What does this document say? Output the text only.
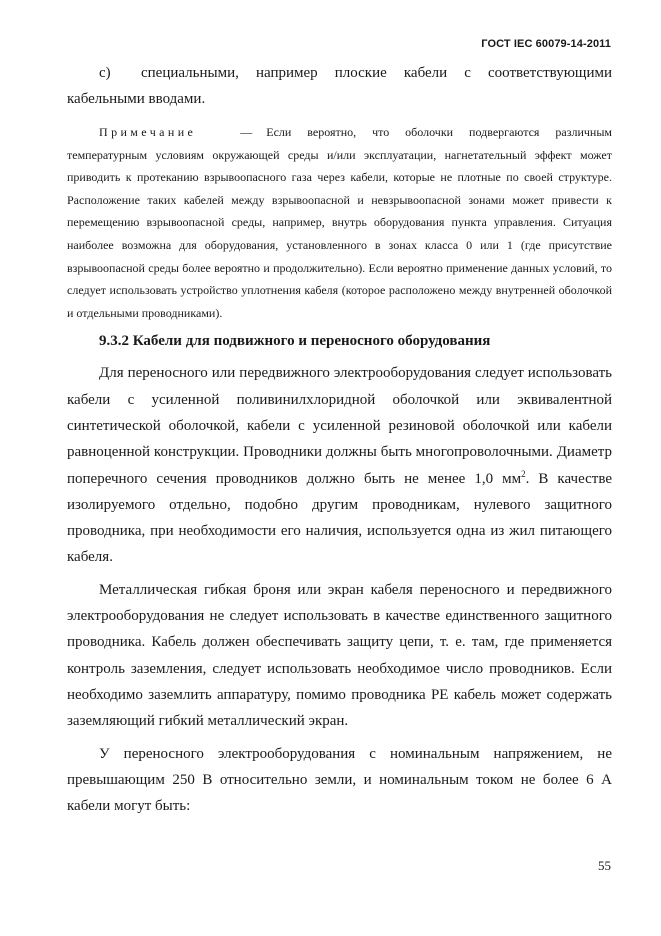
ГОСТ IEC 60079-14-2011

c) специальными, например плоские кабели с соответствующими кабельными вводами.

Примечание	— Если вероятно, что оболочки подвергаются различным температурным условиям окружающей среды и/или эксплуатации, нагнетательный эффект может приводить к протеканию взрывоопасного газа через кабели, которые не плотные по своей структуре. Расположение таких кабелей между взрывоопасной и невзрывоопасной зонами может привести к перемещению взрывоопасной среды, например, внутрь оборудования пункта управления. Ситуация наиболее возможна для оборудования, установленного в зонах класса 0 или 1 (где присутствие взрывоопасной среды более вероятно и продолжительно). Если вероятно применение данных условий, то следует использовать устройство уплотнения кабеля (которое расположено между внутренней оболочкой и отдельными проводниками).

9.3.2 Кабели для подвижного и переносного оборудования

Для переносного или передвижного электрооборудования следует использовать кабели с усиленной поливинилхлоридной оболочкой или эквивалентной синтетической оболочкой, кабели с усиленной резиновой оболочкой или кабели равноценной конструкции. Проводники должны быть многопроволочными. Диаметр поперечного сечения проводников должно быть не менее 1,0 $мм^2$. В качестве изолируемого отдельно, подобно другим проводникам, нулевого защитного проводника, при необходимости его наличия, используется одна из жил питающего кабеля.

Металлическая гибкая броня или экран кабеля переносного и передвижного электрооборудования не следует использовать в качестве единственного защитного проводника. Кабель должен обеспечивать защиту цепи, т. е. там, где применяется контроль заземления, следует использовать необходимое число проводников. Если необходимо заземлить аппаратуру, помимо проводника PE кабель может содержать заземляющий гибкий металлический экран.

У переносного электрооборудования с номинальным напряжением, не превышающим 250 В относительно земли, и номинальным током не более 6 А кабели могут быть:

55
